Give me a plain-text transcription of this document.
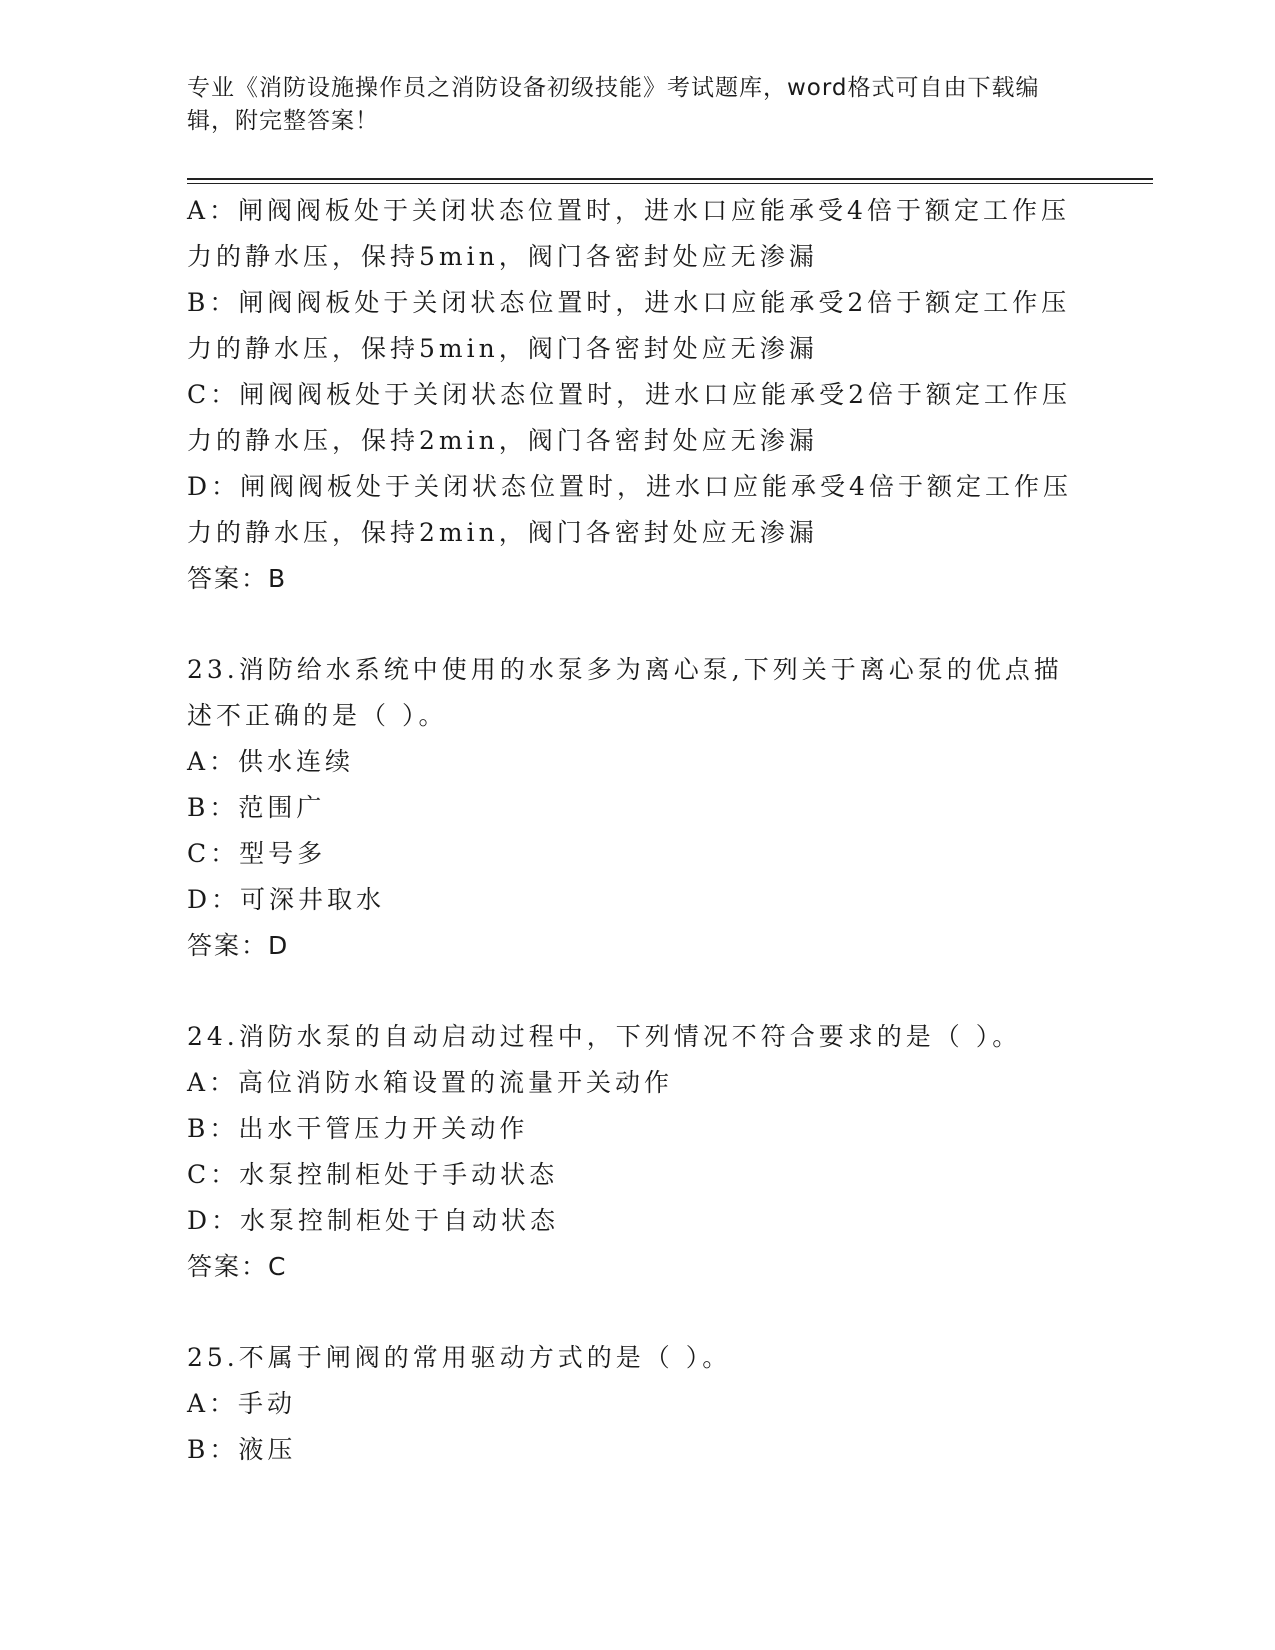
专业《消防设施操作员之消防设备初级技能》考试题库，word格式可自由下载编
辑，附完整答案！
A：闸阀阀板处于关闭状态位置时，进水口应能承受4倍于额定工作压
力的静水压，保持5min，阀门各密封处应无渗漏
B：闸阀阀板处于关闭状态位置时，进水口应能承受2倍于额定工作压
力的静水压，保持5min，阀门各密封处应无渗漏
C：闸阀阀板处于关闭状态位置时，进水口应能承受2倍于额定工作压
力的静水压，保持2min，阀门各密封处应无渗漏
D：闸阀阀板处于关闭状态位置时，进水口应能承受4倍于额定工作压
力的静水压，保持2min，阀门各密封处应无渗漏
答案：B
23.消防给水系统中使用的水泵多为离心泵,下列关于离心泵的优点描
述不正确的是（ ）。
A：供水连续
B：范围广
C：型号多
D：可深井取水
答案：D
24.消防水泵的自动启动过程中，下列情况不符合要求的是（ ）。
A：高位消防水箱设置的流量开关动作
B：出水干管压力开关动作
C：水泵控制柜处于手动状态
D：水泵控制柜处于自动状态
答案：C
25.不属于闸阀的常用驱动方式的是（ ）。
A：手动
B：液压
